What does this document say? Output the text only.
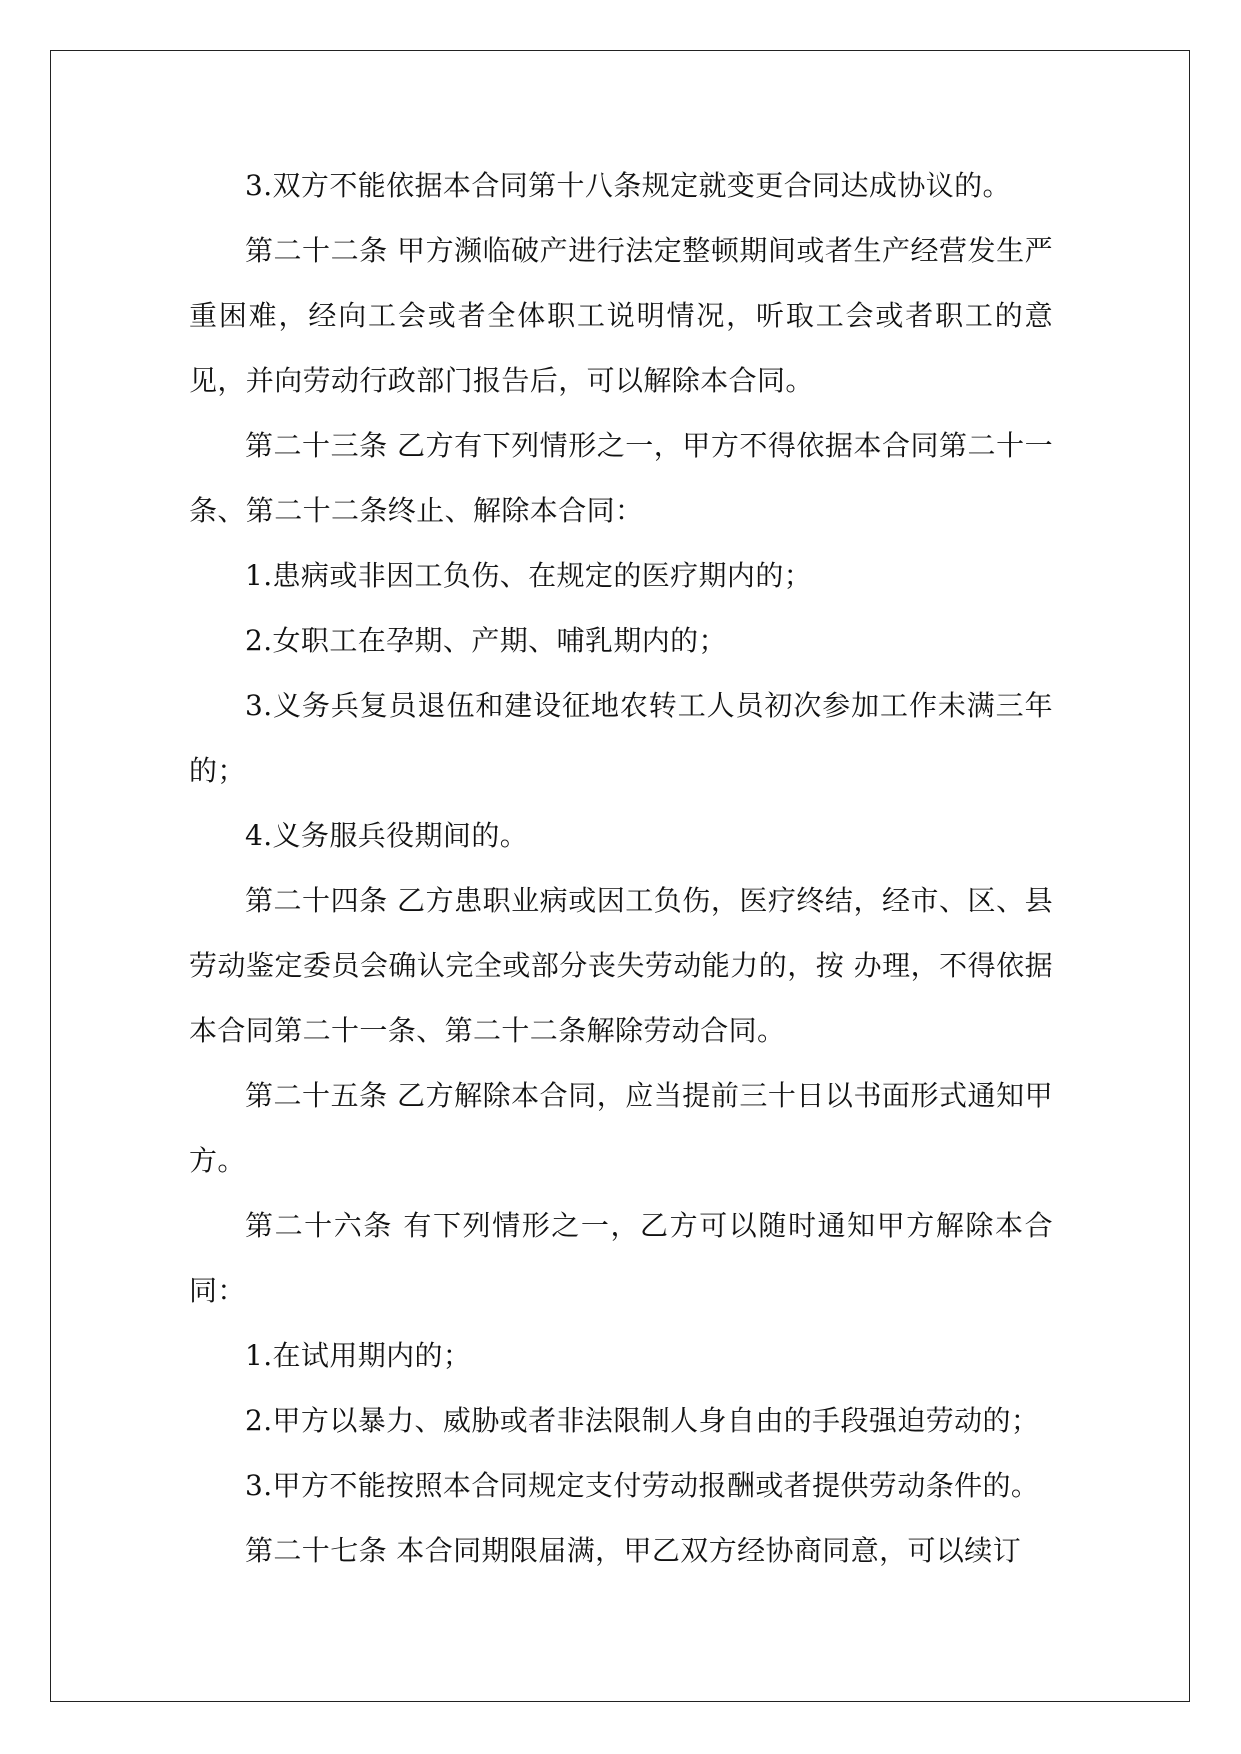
3.双方不能依据本合同第十八条规定就变更合同达成协议的。

第二十二条 甲方濒临破产进行法定整顿期间或者生产经营发生严重困难，经向工会或者全体职工说明情况，听取工会或者职工的意见，并向劳动行政部门报告后，可以解除本合同。

第二十三条 乙方有下列情形之一，甲方不得依据本合同第二十一条、第二十二条终止、解除本合同：

1.患病或非因工负伤、在规定的医疗期内的；

2.女职工在孕期、产期、哺乳期内的；

3.义务兵复员退伍和建设征地农转工人员初次参加工作未满三年的；

4.义务服兵役期间的。

第二十四条 乙方患职业病或因工负伤，医疗终结，经市、区、县劳动鉴定委员会确认完全或部分丧失劳动能力的，按 办理，不得依据本合同第二十一条、第二十二条解除劳动合同。

第二十五条 乙方解除本合同，应当提前三十日以书面形式通知甲方。

第二十六条 有下列情形之一，乙方可以随时通知甲方解除本合同：

1.在试用期内的；

2.甲方以暴力、威胁或者非法限制人身自由的手段强迫劳动的；

3.甲方不能按照本合同规定支付劳动报酬或者提供劳动条件的。

第二十七条 本合同期限届满，甲乙双方经协商同意，可以续订
